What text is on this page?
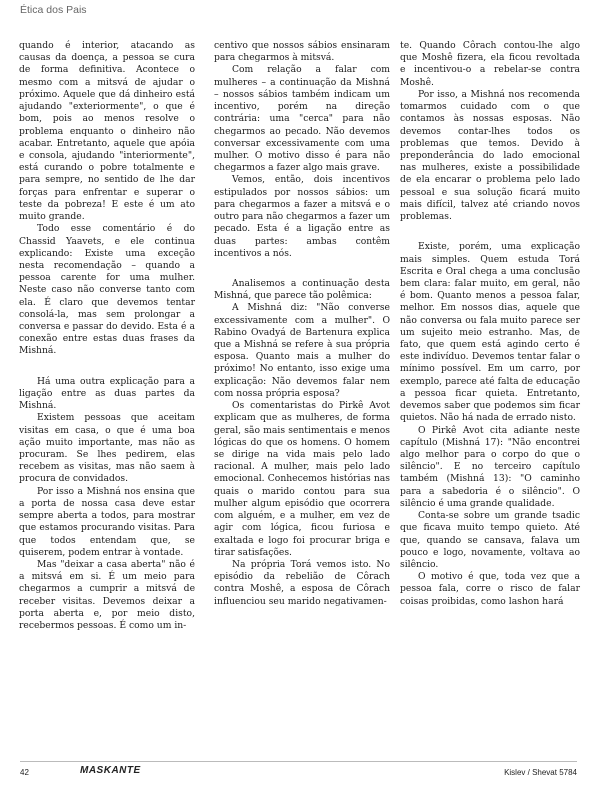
Ética dos Pais

quando é interior, atacando as causas da doença, a pessoa se cura de forma definitiva. Acontece o mesmo com a mitsvá de ajudar o próximo. Aquele que dá dinheiro está ajudando "exteriormente", o que é bom, pois ao menos resolve o problema enquanto o dinheiro não acabar. Entretanto, aquele que apóia e consola, ajudando "interiormente", está curando o pobre totalmente e para sempre, no sentido de lhe dar forças para enfrentar e superar o teste da pobreza! E este é um ato muito grande.

Todo esse comentário é do Chassid Yaavets, e ele continua explicando: Existe uma exceção nesta recomendação – quando a pessoa carente for uma mulher. Neste caso não converse tanto com ela. É claro que devemos tentar consolá-la, mas sem prolongar a conversa e passar do devido. Esta é a conexão entre estas duas frases da Mishná.

Há uma outra explicação para a ligação entre as duas partes da Mishná.

Existem pessoas que aceitam visitas em casa, o que é uma boa ação muito importante, mas não as procuram. Se lhes pedirem, elas recebem as visitas, mas não saem à procura de convidados.

Por isso a Mishná nos ensina que a porta de nossa casa deve estar sempre aberta a todos, para mostrar que estamos procurando visitas. Para que todos entendam que, se quiserem, podem entrar à vontade.

Mas "deixar a casa aberta" não é a mitsvá em si. É um meio para chegarmos a cumprir a mitsvá de receber visitas. Devemos deixar a porta aberta e, por meio disto, recebermos pessoas. É como um in-

centivo que nossos sábios ensinaram para chegarmos à mitsvá.

Com relação a falar com mulheres – a continuação da Mishná – nossos sábios também indicam um incentivo, porém na direção contrária: uma "cerca" para não chegarmos ao pecado. Não devemos conversar excessivamente com uma mulher. O motivo disso é para não chegarmos a fazer algo mais grave.

Vemos, então, dois incentivos estipulados por nossos sábios: um para chegarmos a fazer a mitsvá e o outro para não chegarmos a fazer um pecado. Esta é a ligação entre as duas partes: ambas contêm incentivos a nós.

Analisemos a continuação desta Mishná, que parece tão polêmica:

A Mishná diz: "Não converse excessivamente com a mulher". O Rabino Ovadyá de Bartenura explica que a Mishná se refere à sua própria esposa. Quanto mais a mulher do próximo! No entanto, isso exige uma explicação: Não devemos falar nem com nossa própria esposa?

Os comentaristas do Pirkê Avot explicam que as mulheres, de forma geral, são mais sentimentais e menos lógicas do que os homens. O homem se dirige na vida mais pelo lado racional. A mulher, mais pelo lado emocional. Conhecemos histórias nas quais o marido contou para sua mulher algum episódio que ocorrera com alguém, e a mulher, em vez de agir com lógica, ficou furiosa e exaltada e logo foi procurar briga e tirar satisfações.

Na própria Torá vemos isto. No episódio da rebelião de Côrach contra Moshê, a esposa de Côrach influenciou seu marido negativamen-

te. Quando Côrach contou-lhe algo que Moshê fizera, ela ficou revoltada e incentivou-o a rebelar-se contra Moshê.

Por isso, a Mishná nos recomenda tomarmos cuidado com o que contamos às nossas esposas. Não devemos contar-lhes todos os problemas que temos. Devido à preponderância do lado emocional nas mulheres, existe a possibilidade de ela encarar o problema pelo lado pessoal e sua solução ficará muito mais difícil, talvez até criando novos problemas.

Existe, porém, uma explicação mais simples. Quem estuda Torá Escrita e Oral chega a uma conclusão bem clara: falar muito, em geral, não é bom. Quanto menos a pessoa falar, melhor. Em nossos dias, aquele que não conversa ou fala muito parece ser um sujeito meio estranho. Mas, de fato, que quem está agindo certo é este indivíduo. Devemos tentar falar o mínimo possível. Em um carro, por exemplo, parece até falta de educação a pessoa ficar quieta. Entretanto, devemos saber que podemos sim ficar quietos. Não há nada de errado nisto.

O Pirkê Avot cita adiante neste capítulo (Mishná 17): "Não encontrei algo melhor para o corpo do que o silêncio". E no terceiro capítulo também (Mishná 13): "O caminho para a sabedoria é o silêncio". O silêncio é uma grande qualidade.

Conta-se sobre um grande tsadic que ficava muito tempo quieto. Até que, quando se cansava, falava um pouco e logo, novamente, voltava ao silêncio.

O motivo é que, toda vez que a pessoa fala, corre o risco de falar coisas proibidas, como lashon hará

42	MASKANTE	Kislev / Shevat 5784
